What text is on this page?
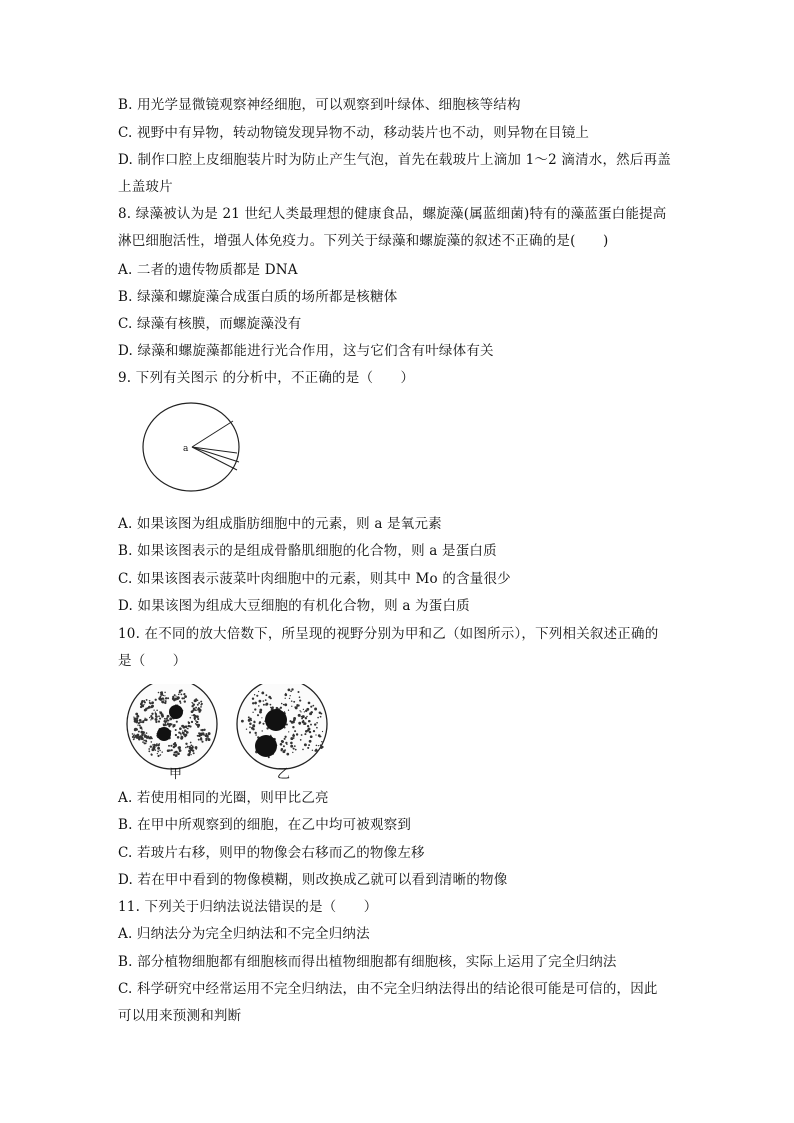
B. 用光学显微镜观察神经细胞，可以观察到叶绿体、细胞核等结构
C. 视野中有异物，转动物镜发现异物不动，移动装片也不动，则异物在目镜上
D. 制作口腔上皮细胞装片时为防止产生气泡，首先在载玻片上滴加 1～2 滴清水，然后再盖
上盖玻片
8. 绿藻被认为是 21 世纪人类最理想的健康食品，螺旋藻(属蓝细菌)特有的藻蓝蛋白能提高
淋巴细胞活性，增强人体免疫力。下列关于绿藻和螺旋藻的叙述不正确的是(　　)
A. 二者的遗传物质都是 DNA
B. 绿藻和螺旋藻合成蛋白质的场所都是核糖体
C. 绿藻有核膜，而螺旋藻没有
D. 绿藻和螺旋藻都能进行光合作用，这与它们含有叶绿体有关
9. 下列有关图示 的分析中，不正确的是（　　）
a
A. 如果该图为组成脂肪细胞中的元素，则 a 是氧元素
B. 如果该图表示的是组成骨骼肌细胞的化合物，则 a 是蛋白质
C. 如果该图表示菠菜叶肉细胞中的元素，则其中 Mo 的含量很少
D. 如果该图为组成大豆细胞的有机化合物，则 a 为蛋白质
10. 在不同的放大倍数下，所呈现的视野分别为甲和乙（如图所示），下列相关叙述正确的
是（　　）
甲	乙
A. 若使用相同的光圈，则甲比乙亮
B. 在甲中所观察到的细胞，在乙中均可被观察到
C. 若玻片右移，则甲的物像会右移而乙的物像左移
D. 若在甲中看到的物像模糊，则改换成乙就可以看到清晰的物像
11. 下列关于归纳法说法错误的是（　　）
A. 归纳法分为完全归纳法和不完全归纳法
B. 部分植物细胞都有细胞核而得出植物细胞都有细胞核，实际上运用了完全归纳法
C. 科学研究中经常运用不完全归纳法，由不完全归纳法得出的结论很可能是可信的，因此
可以用来预测和判断
